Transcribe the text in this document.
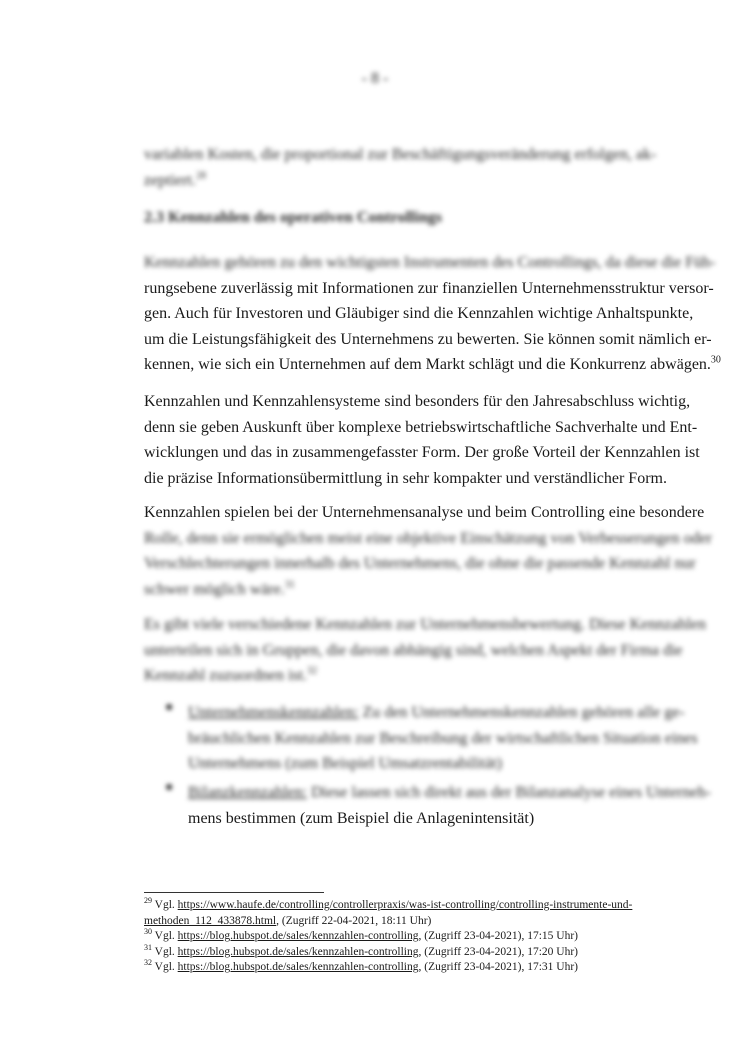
- 8 -
variablen Kosten, die proportional zur Beschäftigungsveränderung erfolgen, ak-
zeptiert.$^{28}$
2.3 Kennzahlen des operativen Controllings
Kennzahlen gehören zu den wichtigsten Instrumenten des Controllings, da diese die Füh-
rungsebene zuverlässig mit Informationen zur finanziellen Unternehmensstruktur versor-
gen. Auch für Investoren und Gläubiger sind die Kennzahlen wichtige Anhaltspunkte,
um die Leistungsfähigkeit des Unternehmens zu bewerten. Sie können somit nämlich er-
kennen, wie sich ein Unternehmen auf dem Markt schlägt und die Konkurrenz abwägen.$^{30}$
Kennzahlen und Kennzahlensysteme sind besonders für den Jahresabschluss wichtig,
denn sie geben Auskunft über komplexe betriebswirtschaftliche Sachverhalte und Ent-
wicklungen und das in zusammengefasster Form. Der große Vorteil der Kennzahlen ist
die präzise Informationsübermittlung in sehr kompakter und verständlicher Form.
Kennzahlen spielen bei der Unternehmensanalyse und beim Controlling eine besondere
Rolle, denn sie ermöglichen meist eine objektive Einschätzung von Verbesserungen oder
Verschlechterungen innerhalb des Unternehmens, die ohne die passende Kennzahl nur
schwer möglich wäre.$^{31}$
Es gibt viele verschiedene Kennzahlen zur Unternehmensbewertung. Diese Kennzahlen
unterteilen sich in Gruppen, die davon abhängig sind, welchen Aspekt der Firma die
Kennzahl zuzuordnen ist.$^{32}$
● Unternehmenskennzahlen: Zu den Unternehmenskennzahlen gehören alle ge-
bräuchlichen Kennzahlen zur Beschreibung der wirtschaftlichen Situation eines
Unternehmens (zum Beispiel Umsatzrentabilität)
● Bilanzkennzahlen: Diese lassen sich direkt aus der Bilanzanalyse eines Unterneh-
mens bestimmen (zum Beispiel die Anlagenintensität)
$^{29}$ Vgl. https://www.haufe.de/controlling/controllerpraxis/was-ist-controlling/controlling-instrumente-und-
methoden_112_433878.html, (Zugriff 22-04-2021, 18:11 Uhr)
$^{30}$ Vgl. https://blog.hubspot.de/sales/kennzahlen-controlling, (Zugriff 23-04-2021), 17:15 Uhr)
$^{31}$ Vgl. https://blog.hubspot.de/sales/kennzahlen-controlling, (Zugriff 23-04-2021), 17:20 Uhr)
$^{32}$ Vgl. https://blog.hubspot.de/sales/kennzahlen-controlling, (Zugriff 23-04-2021), 17:31 Uhr)
